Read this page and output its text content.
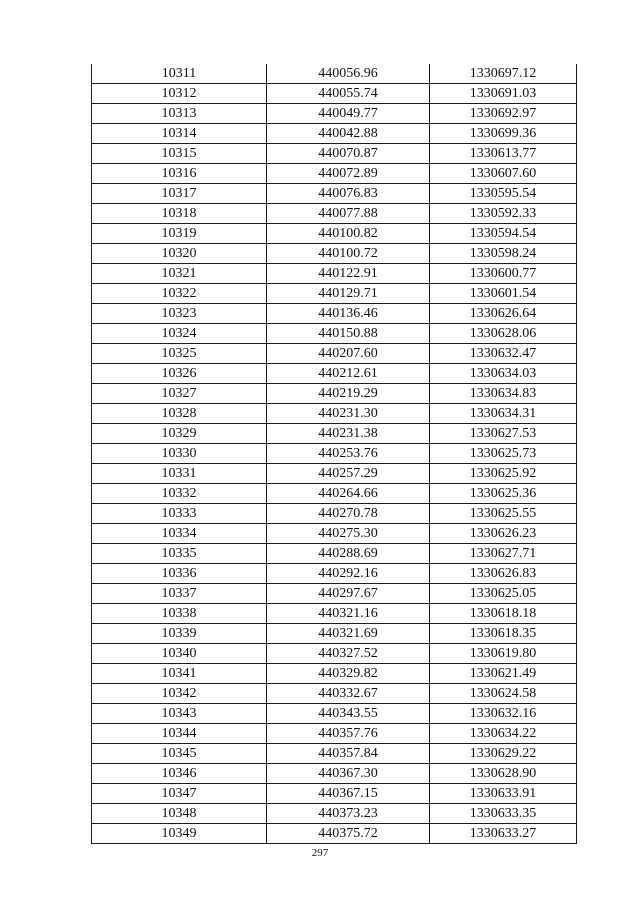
10311	440056.96	1330697.12
10312	440055.74	1330691.03
10313	440049.77	1330692.97
10314	440042.88	1330699.36
10315	440070.87	1330613.77
10316	440072.89	1330607.60
10317	440076.83	1330595.54
10318	440077.88	1330592.33
10319	440100.82	1330594.54
10320	440100.72	1330598.24
10321	440122.91	1330600.77
10322	440129.71	1330601.54
10323	440136.46	1330626.64
10324	440150.88	1330628.06
10325	440207.60	1330632.47
10326	440212.61	1330634.03
10327	440219.29	1330634.83
10328	440231.30	1330634.31
10329	440231.38	1330627.53
10330	440253.76	1330625.73
10331	440257.29	1330625.92
10332	440264.66	1330625.36
10333	440270.78	1330625.55
10334	440275.30	1330626.23
10335	440288.69	1330627.71
10336	440292.16	1330626.83
10337	440297.67	1330625.05
10338	440321.16	1330618.18
10339	440321.69	1330618.35
10340	440327.52	1330619.80
10341	440329.82	1330621.49
10342	440332.67	1330624.58
10343	440343.55	1330632.16
10344	440357.76	1330634.22
10345	440357.84	1330629.22
10346	440367.30	1330628.90
10347	440367.15	1330633.91
10348	440373.23	1330633.35
10349	440375.72	1330633.27
297
